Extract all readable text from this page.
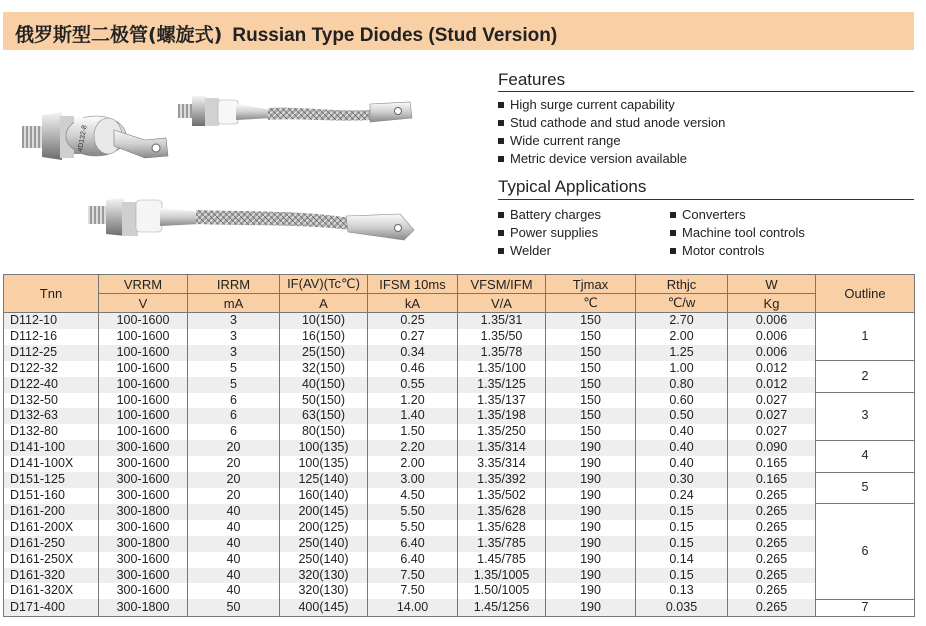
俄罗斯型二极管(螺旋式) Russian Type Diodes (Stud Version)
4D132-8
Features
High surge current capability
Stud cathode and stud anode version
Wide current range
Metric device version available
Typical Applications
Battery charges
Power supplies
Welder
Converters
Machine tool controls
Motor controls
Tnn	VRRM	IRRM	IF(AV)(Tc℃)	IFSM 10ms	VFSM/IFM	Tjmax	Rthjc	W	Outline
	V	mA	A	kA	V/A	℃	℃/w	Kg	
D112-10	100-1600	3	10(150)	0.25	1.35/31	150	2.70	0.006	1
D112-16	100-1600	3	16(150)	0.27	1.35/50	150	2.00	0.006	
D112-25	100-1600	3	25(150)	0.34	1.35/78	150	1.25	0.006	
D122-32	100-1600	5	32(150)	0.46	1.35/100	150	1.00	0.012	2
D122-40	100-1600	5	40(150)	0.55	1.35/125	150	0.80	0.012	
D132-50	100-1600	6	50(150)	1.20	1.35/137	150	0.60	0.027	3
D132-63	100-1600	6	63(150)	1.40	1.35/198	150	0.50	0.027	
D132-80	100-1600	6	80(150)	1.50	1.35/250	150	0.40	0.027	
D141-100	300-1600	20	100(135)	2.20	1.35/314	190	0.40	0.090	4
D141-100X	300-1600	20	100(135)	2.00	3.35/314	190	0.40	0.165	
D151-125	300-1600	20	125(140)	3.00	1.35/392	190	0.30	0.165	5
D151-160	300-1600	20	160(140)	4.50	1.35/502	190	0.24	0.265	
D161-200	300-1800	40	200(145)	5.50	1.35/628	190	0.15	0.265	6
D161-200X	300-1600	40	200(125)	5.50	1.35/628	190	0.15	0.265	
D161-250	300-1800	40	250(140)	6.40	1.35/785	190	0.15	0.265	
D161-250X	300-1600	40	250(140)	6.40	1.45/785	190	0.14	0.265	
D161-320	300-1600	40	320(130)	7.50	1.35/1005	190	0.15	0.265	
D161-320X	300-1600	40	320(130)	7.50	1.50/1005	190	0.13	0.265	
D171-400	300-1800	50	400(145)	14.00	1.45/1256	190	0.035	0.265	7
